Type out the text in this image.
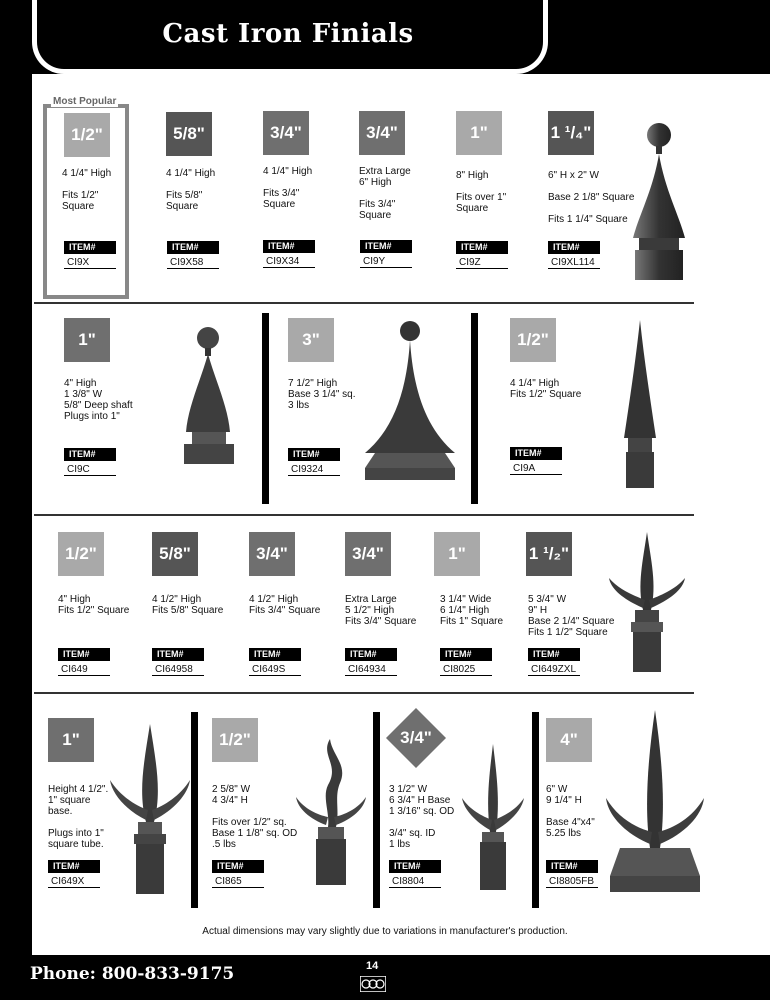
Cast Iron Finials
Most Popular
1/2"
4 1/4" High

Fits 1/2"
Square
ITEM#
CI9X
5/8"
4 1/4" High

Fits 5/8"
Square
ITEM#
CI9X58
3/4"
4 1/4" High

Fits 3/4"
Square
ITEM#
CI9X34
3/4"
Extra Large
6" High

Fits 3/4"
Square
ITEM#
CI9Y
1"
8" High

Fits over 1"
Square
ITEM#
CI9Z
1 ¹/₄"
6" H x 2" W

Base 2 1/8" Square

Fits 1 1/4" Square
ITEM#
CI9XL114
1"
4" High
1 3/8" W
5/8" Deep shaft
Plugs into 1"
ITEM#
CI9C
3"
7 1/2" High
Base 3 1/4" sq.
3 lbs
ITEM#
CI9324
1/2"
4 1/4" High
Fits 1/2" Square
ITEM#
CI9A
1/2"
4" High
Fits 1/2" Square
ITEM#
CI649
5/8"
4 1/2" High
Fits 5/8" Square
ITEM#
CI64958
3/4"
4 1/2" High
Fits 3/4" Square
ITEM#
CI649S
3/4"
Extra Large
5 1/2" High
Fits 3/4" Square
ITEM#
CI64934
1"
3 1/4" Wide
6 1/4" High
Fits 1" Square
ITEM#
CI8025
1 ¹/₂"
5 3/4" W
9" H
Base 2 1/4" Square
Fits 1 1/2" Square
ITEM#
CI649ZXL
1"
Height 4 1/2".
1" square
base.

Plugs into 1"
square tube.
ITEM#
CI649X
1/2"
2 5/8" W
4 3/4" H

Fits over 1/2" sq.
Base 1 1/8" sq. OD
.5 lbs
ITEM#
CI865
3/4"
3 1/2" W
6 3/4" H Base
1 3/16" sq. OD

3/4" sq. ID
1 lbs
ITEM#
CI8804
4"
6" W
9 1/4" H

Base 4"x4"
5.25 lbs
ITEM#
CI8805FB
Actual dimensions may vary slightly due to variations in manufacturer's production.
Phone: 800-833-9175	14
